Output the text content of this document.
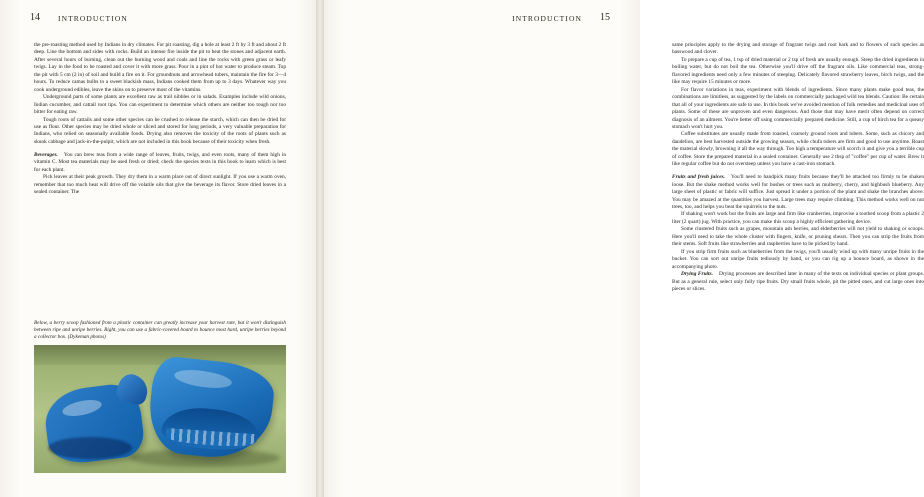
14 INTRODUCTION

the pre-roasting method used by Indians in dry climates. For pit roasting, dig a hole at least 2 ft by 3 ft and about 2 ft deep. Line the bottom and sides with rocks. Build an intense fire inside the pit to heat the stones and adjacent earth. After several hours of burning, clean out the burning wood and coals and line the rocks with green grass or leafy twigs. Lay in the food to be roasted and cover it with more grass. Pour in a pint of hot water to produce steam. Top the pit with 5 cm (2 in) of soil and build a fire on it. For groundnuts and arrowhead tubers, maintain the fire for 3—4 hours. To reduce camas bulbs to a sweet blackish mass, Indians cooked them from up to 3 days. Whatever way you cook underground edibles, leave the skins on to preserve most of the vitamins.

Underground parts of some plants are excellent raw as trail nibbles or in salads. Examples include wild onions, Indian cucumber, and cattail root tips. You can experiment to determine which others are neither too tough nor too bitter for eating raw.

Tough roots of cattails and some other species can be crushed to release the starch, which can then be dried for use as flour. Other species may be dried whole or sliced and stored for long periods, a very valuable preparation for Indians, who relied on seasonally available foods. Drying also removes the toxicity of the roots of plants such as skunk cabbage and jack-in-the-pulpit, which are not included in this book because of their toxicity when fresh.

Beverages. You can brew teas from a wide range of leaves, fruits, twigs, and even roots, many of them high in vitamin C. Most tea materials may be used fresh or dried; check the species texts in this book to learn which is best for each plant.

Pick leaves at their peak growth. They dry them in a warm place out of direct sunlight. If you use a warm oven, remember that too much heat will drive off the volatile oils that give the beverage its flavor. Store dried leaves in a sealed container. The

Below, a berry scoop fashioned from a plastic container can greatly increase your harvest rate, but it won't distinguish between ripe and unripe berries. Right, you can use a fabric-covered board to bounce most hard, unripe berries beyond a collector box. (Dykeman photos)
INTRODUCTION 15

same principles apply to the drying and storage of fragrant twigs and root bark and to flowers of such species as basswood and clover.

To prepare a cup of tea, 1 tsp of dried material or 2 tsp of fresh are usually enough. Steep the dried ingredients in boiling water, but do not boil the tea. Otherwise you'll drive off the fragrant oils. Like commercial teas, strong-flavored ingredients need only a few minutes of steeping. Delicately flavored strawberry leaves, birch twigs, and the like may require 15 minutes or more.

For flavor variations in teas, experiment with blends of ingredients. Since many plants make good teas, the combinations are limitless, as suggested by the labels on commercially packaged wild tea blends. Caution: Be certain that all of your ingredients are safe to use. In this book we've avoided mention of folk remedies and medicinal uses of plants. Some of these are unproven and even dangerous. And those that may have merit often depend on correct diagnosis of an ailment. You're better off using commercially prepared medicine. Still, a cup of birch tea for a queasy stomach won't hurt you.

Coffee substitutes are usually made from roasted, coarsely ground roots and tubers. Some, such as chicory and dandelion, are best harvested outside the growing season, while chufa tubers are firm and good to use anytime. Roast the material slowly, browning it all the way through. Too high a temperature will scorch it and give you a terrible cup of coffee. Store the prepared material in a sealed container. Generally use 2 tbsp of "coffee" per cup of water. Brew it like regular coffee but do not oversteep unless you have a cast-iron stomach.

Fruits and fresh juices. You'll need to handpick many fruits because they'll be attached too firmly to be shaken loose. But the shake method works well for bushes or trees such as mulberry, cherry, and highbush blueberry. Any large sheet of plastic or fabric will suffice. Just spread it under a portion of the plant and shake the branches above. You may be amazed at the quantities you harvest. Large trees may require climbing. This method works well on nut trees, too, and helps you beat the squirrels to the nuts.

If shaking won't work but the fruits are large and firm like cranberries, improvise a toothed scoop from a plastic 2 liter (2 quart) jug. With practice, you can make this scoop a highly efficient gathering device.

Some clustered fruits such as grapes, mountain ash berries, and elderberries will not yield to shaking or scoops. Here you'll need to take the whole cluster with fingers, knife, or pruning shears. Then you can strip the fruits from their stems. Soft fruits like strawberries and raspberries have to be picked by hand.

If you strip firm fruits such as blueberries from the twigs, you'll usually wind up with many unripe fruits in the bucket. You can sort out unripe fruits tediously by hand, or you can rig up a bounce board, as shown in the accompanying photo.

Drying Fruits. Drying processes are described later in many of the texts on individual species or plant groups. But as a general rule, select only fully ripe fruits. Dry small fruits whole, pit the pitted ones, and cut large ones into pieces or slices.
